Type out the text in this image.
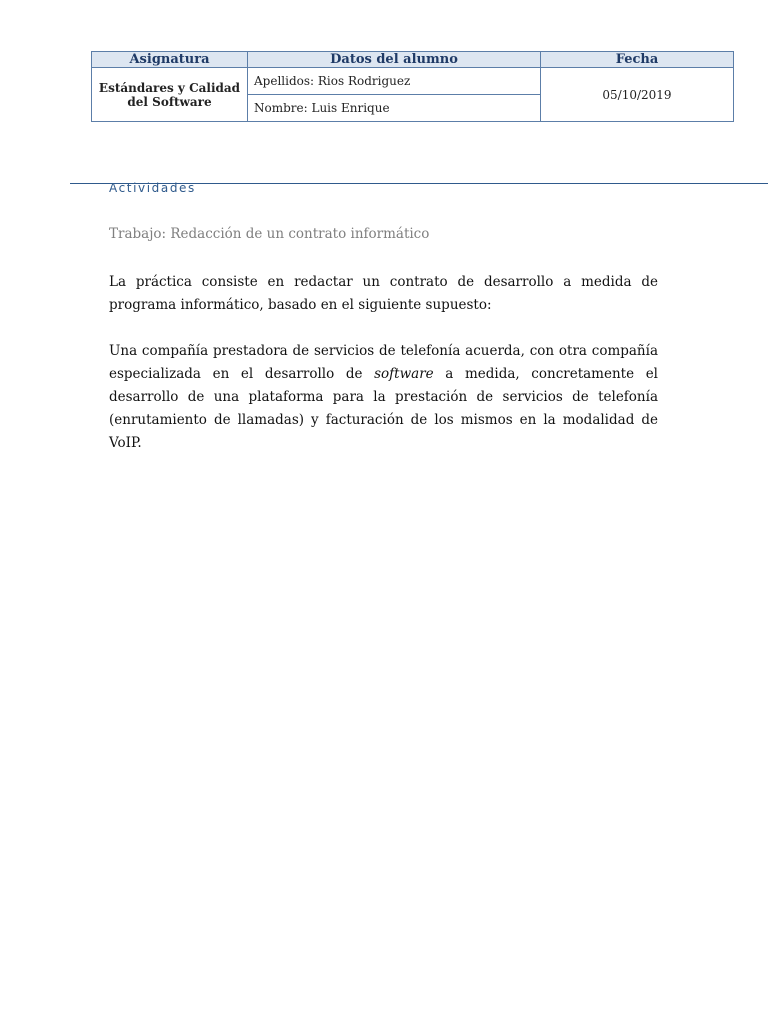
Asignatura	Datos del alumno	Fecha
Estándares y Calidad
del Software	Apellidos: Rios Rodriguez	05/10/2019
	Nombre: Luis Enrique	
Actividades
Trabajo: Redacción de un contrato informático

La práctica consiste en redactar un contrato de desarrollo a medida de programa informático, basado en el siguiente supuesto:

Una compañía prestadora de servicios de telefonía acuerda, con otra compañía especializada en el desarrollo de software a medida, concretamente el desarrollo de una plataforma para la prestación de servicios de telefonía (enrutamiento de llamadas) y facturación de los mismos en la modalidad de VoIP.
